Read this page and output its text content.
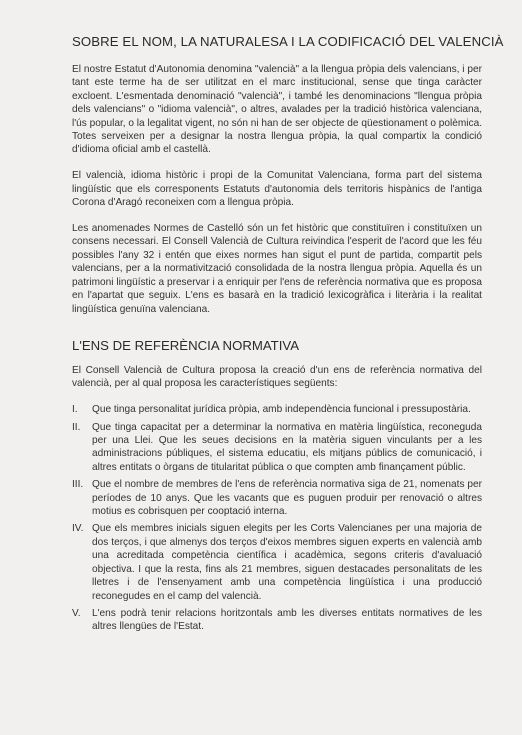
SOBRE EL NOM, LA NATURALESA I LA CODIFICACIÓ DEL VALENCIÀ

El nostre Estatut d'Autonomia denomina "valencià" a la llengua pròpia dels valencians, i per tant este terme ha de ser utilitzat en el marc institucional, sense que tinga caràcter excloent. L'esmentada denominació "valencià", i també les denominacions "llengua pròpia dels valencians" o "idioma valencià", o altres, avalades per la tradició històrica valenciana, l'ús popular, o la legalitat vigent, no són ni han de ser objecte de qüestionament o polèmica. Totes serveixen per a designar la nostra llengua pròpia, la qual compartix la condició d'idioma oficial amb el castellà.

El valencià, idioma històric i propi de la Comunitat Valenciana, forma part del sistema lingüístic que els corresponents Estatuts d'autonomia dels territoris hispànics de l'antiga Corona d'Aragó reconeixen com a llengua pròpia.

Les anomenades Normes de Castelló són un fet històric que constituïren i constituïxen un consens necessari. El Consell Valencià de Cultura reivindica l'esperit de l'acord que les féu possibles l'any 32 i entén que eixes normes han sigut el punt de partida, compartit pels valencians, per a la normativització consolidada de la nostra llengua pròpia. Aquella és un patrimoni lingüístic a preservar i a enriquir per l'ens de referència normativa que es proposa en l'apartat que seguix. L'ens es basarà en la tradició lexicogràfica i literària i la realitat lingüística genuïna valenciana.

L'ENS DE REFERÈNCIA NORMATIVA

El Consell Valencià de Cultura proposa la creació d'un ens de referència normativa del valencià, per al qual proposa les característiques següents:

I.	Que tinga personalitat jurídica pròpia, amb independència funcional i pressupostària.
II.	Que tinga capacitat per a determinar la normativa en matèria lingüística, reconeguda per una Llei. Que les seues decisions en la matèria siguen vinculants per a les administracions públiques, el sistema educatiu, els mitjans públics de comunicació, i altres entitats o òrgans de titularitat pública o que compten amb finançament públic.
III. Que el nombre de membres de l'ens de referència normativa siga de 21, nomenats per períodes de 10 anys. Que les vacants que es puguen produir per renovació o altres motius es cobrisquen per cooptació interna.
IV. Que els membres inicials siguen elegits per les Corts Valencianes per una majoria de dos terços, i que almenys dos terços d'eixos membres siguen experts en valencià amb una acreditada competència científica i acadèmica, segons criteris d'avaluació objectiva. I que la resta, fins als 21 membres, siguen destacades personalitats de les lletres i de l'ensenyament amb una competència lingüística i una producció reconegudes en el camp del valencià.
V.	L'ens podrà tenir relacions horitzontals amb les diverses entitats normatives de les altres llengües de l'Estat.
